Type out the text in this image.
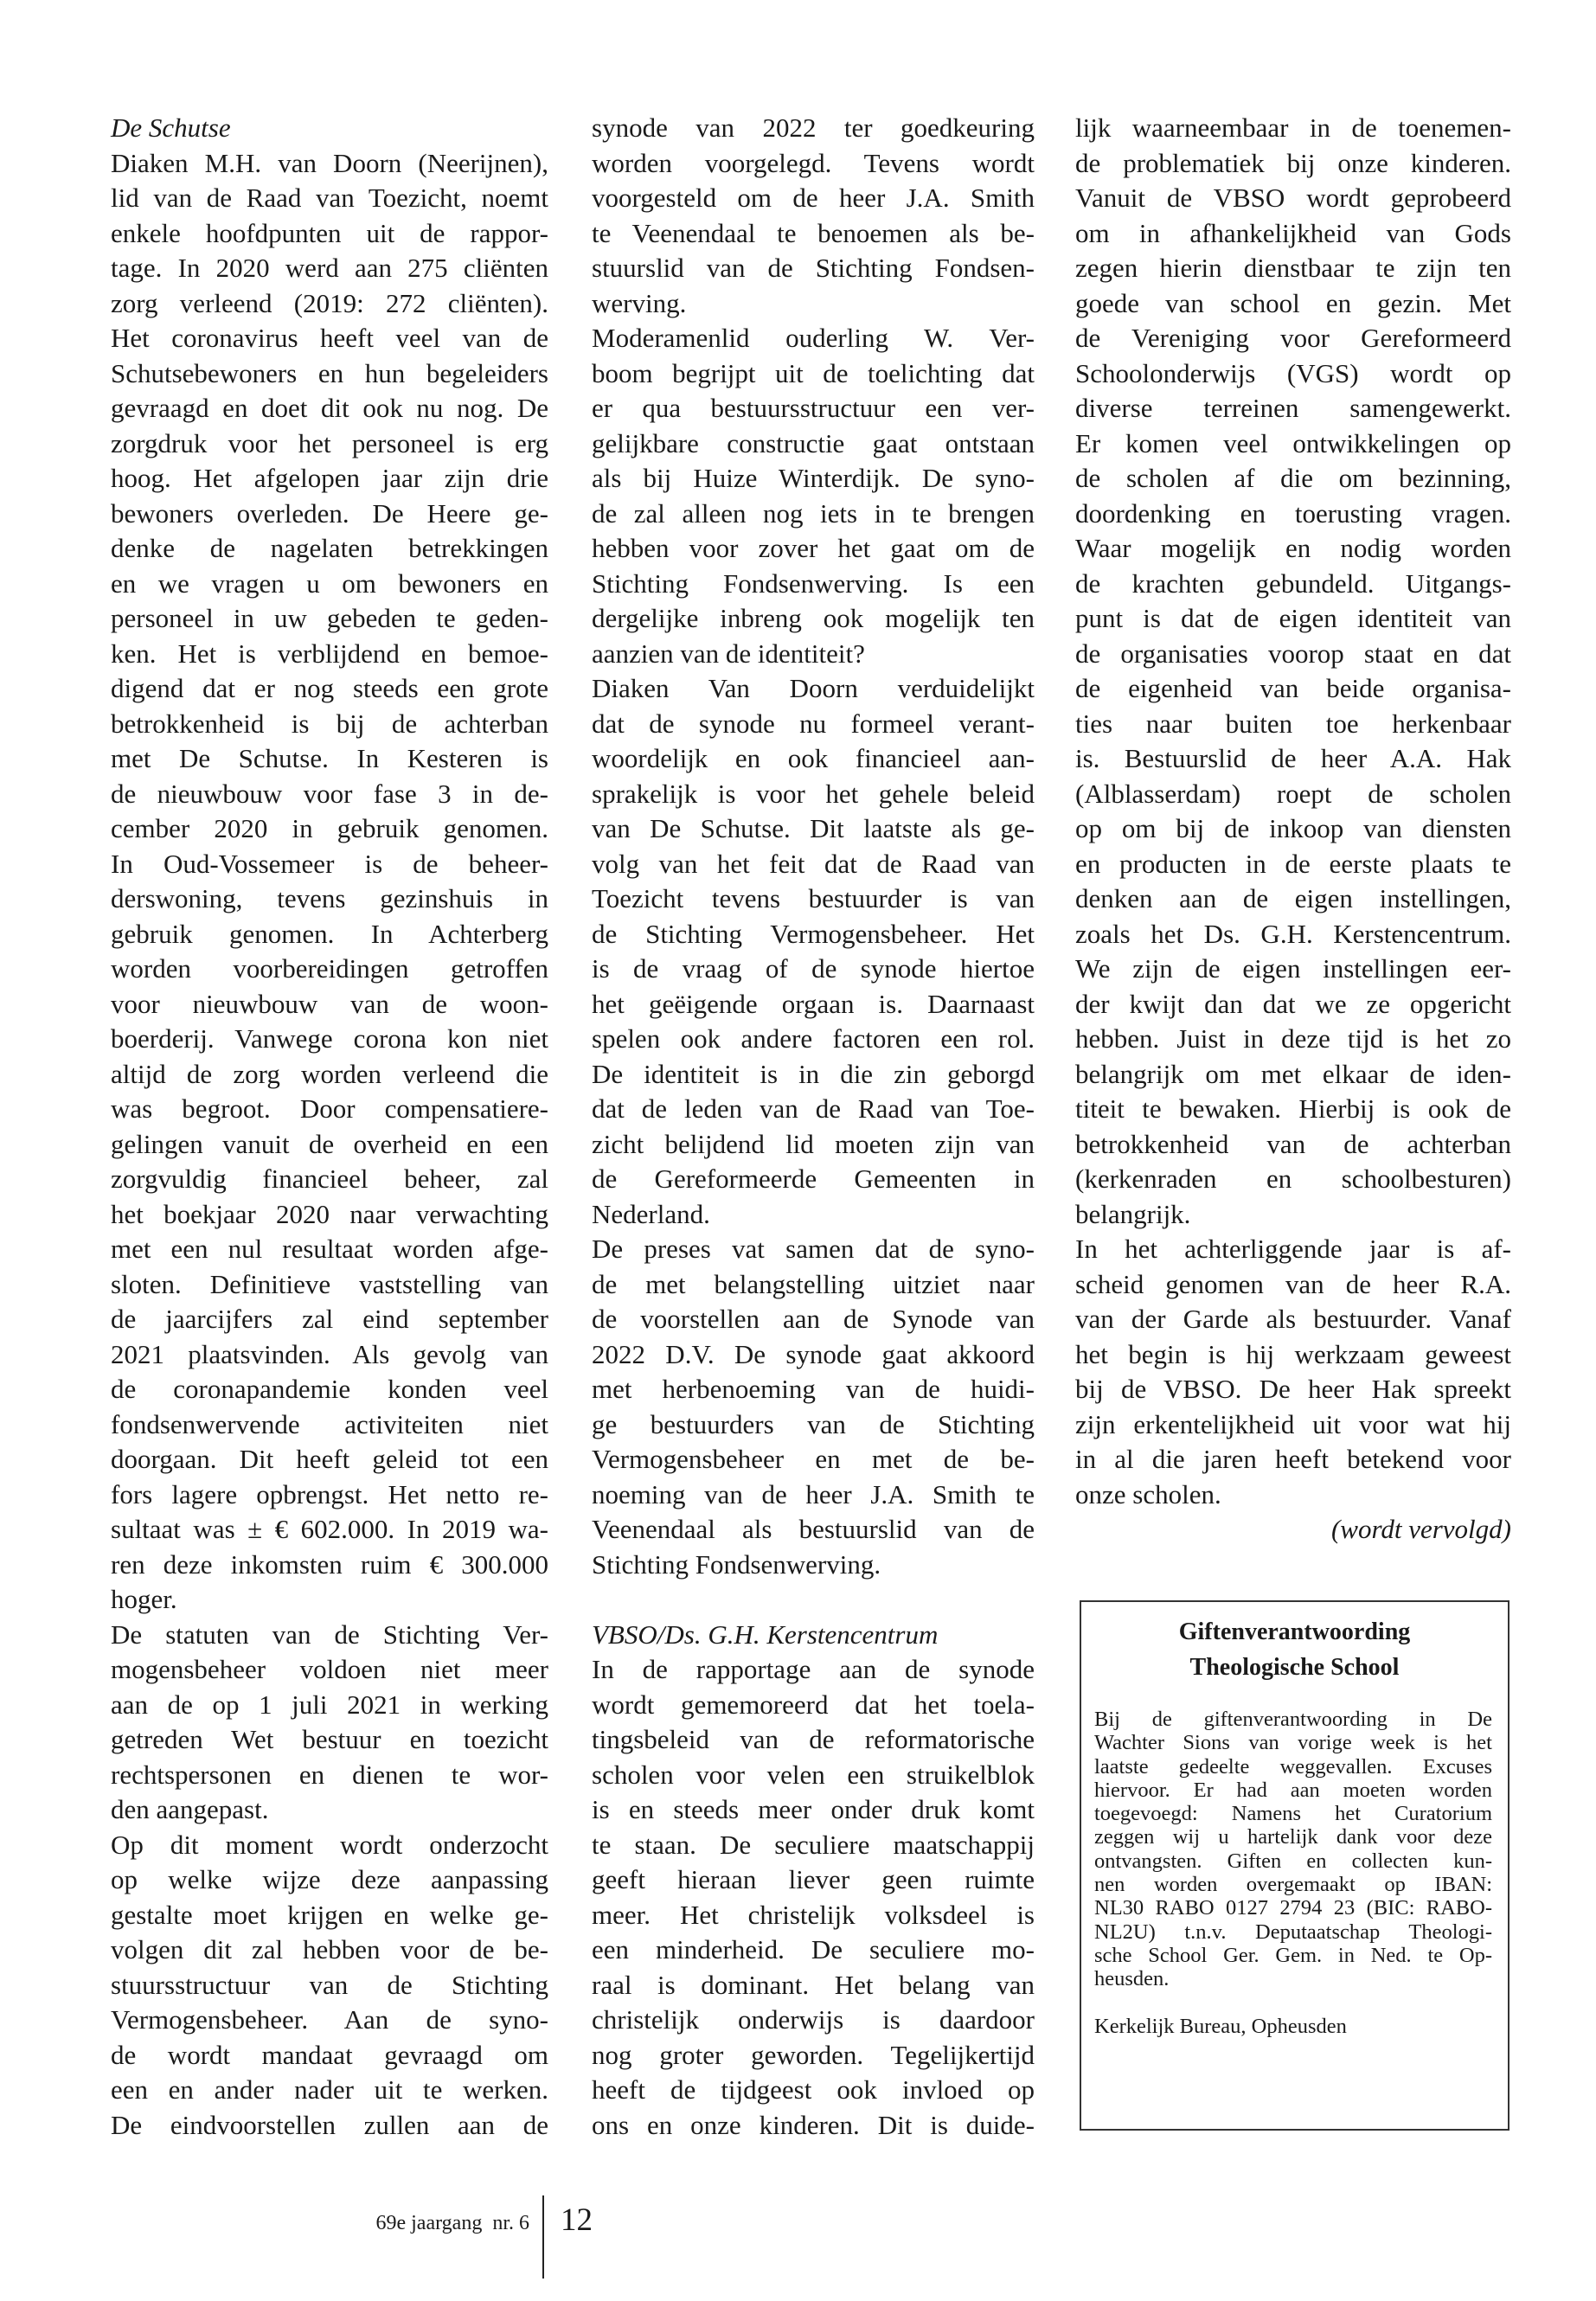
De Schutse
Diaken M.H. van Doorn (Neerijnen),
lid van de Raad van Toezicht, noemt
enkele hoofdpunten uit de rappor-
tage. In 2020 werd aan 275 cliënten
zorg verleend (2019: 272 cliënten).
Het coronavirus heeft veel van de
Schutsebewoners en hun begeleiders
gevraagd en doet dit ook nu nog. De
zorgdruk voor het personeel is erg
hoog. Het afgelopen jaar zijn drie
bewoners overleden. De Heere ge-
denke de nagelaten betrekkingen
en we vragen u om bewoners en
personeel in uw gebeden te geden-
ken. Het is verblijdend en bemoe-
digend dat er nog steeds een grote
betrokkenheid is bij de achterban
met De Schutse. In Kesteren is
de nieuwbouw voor fase 3 in de-
cember 2020 in gebruik genomen.
In Oud-Vossemeer is de beheer-
derswoning, tevens gezinshuis in
gebruik genomen. In Achterberg
worden voorbereidingen getroffen
voor nieuwbouw van de woon-
boerderij. Vanwege corona kon niet
altijd de zorg worden verleend die
was begroot. Door compensatiere-
gelingen vanuit de overheid en een
zorgvuldig financieel beheer, zal
het boekjaar 2020 naar verwachting
met een nul resultaat worden afge-
sloten. Definitieve vaststelling van
de jaarcijfers zal eind september
2021 plaatsvinden. Als gevolg van
de coronapandemie konden veel
fondsenwervende activiteiten niet
doorgaan. Dit heeft geleid tot een
fors lagere opbrengst. Het netto re-
sultaat was ± € 602.000. In 2019 wa-
ren deze inkomsten ruim € 300.000
hoger.
De statuten van de Stichting Ver-
mogensbeheer voldoen niet meer
aan de op 1 juli 2021 in werking
getreden Wet bestuur en toezicht
rechtspersonen en dienen te wor-
den aangepast.
Op dit moment wordt onderzocht
op welke wijze deze aanpassing
gestalte moet krijgen en welke ge-
volgen dit zal hebben voor de be-
stuursstructuur van de Stichting
Vermogensbeheer. Aan de syno-
de wordt mandaat gevraagd om
een en ander nader uit te werken.
De eindvoorstellen zullen aan de
synode van 2022 ter goedkeuring
worden voorgelegd. Tevens wordt
voorgesteld om de heer J.A. Smith
te Veenendaal te benoemen als be-
stuurslid van de Stichting Fondsen-
werving.
Moderamenlid ouderling W. Ver-
boom begrijpt uit de toelichting dat
er qua bestuursstructuur een ver-
gelijkbare constructie gaat ontstaan
als bij Huize Winterdijk. De syno-
de zal alleen nog iets in te brengen
hebben voor zover het gaat om de
Stichting Fondsenwerving. Is een
dergelijke inbreng ook mogelijk ten
aanzien van de identiteit?
Diaken Van Doorn verduidelijkt
dat de synode nu formeel verant-
woordelijk en ook financieel aan-
sprakelijk is voor het gehele beleid
van De Schutse. Dit laatste als ge-
volg van het feit dat de Raad van
Toezicht tevens bestuurder is van
de Stichting Vermogensbeheer. Het
is de vraag of de synode hiertoe
het geëigende orgaan is. Daarnaast
spelen ook andere factoren een rol.
De identiteit is in die zin geborgd
dat de leden van de Raad van Toe-
zicht belijdend lid moeten zijn van
de Gereformeerde Gemeenten in
Nederland.
De preses vat samen dat de syno-
de met belangstelling uitziet naar
de voorstellen aan de Synode van
2022 D.V. De synode gaat akkoord
met herbenoeming van de huidi-
ge bestuurders van de Stichting
Vermogensbeheer en met de be-
noeming van de heer J.A. Smith te
Veenendaal als bestuurslid van de
Stichting Fondsenwerving.
VBSO/Ds. G.H. Kerstencentrum
In de rapportage aan de synode
wordt gememoreerd dat het toela-
tingsbeleid van de reformatorische
scholen voor velen een struikelblok
is en steeds meer onder druk komt
te staan. De seculiere maatschappij
geeft hieraan liever geen ruimte
meer. Het christelijk volksdeel is
een minderheid. De seculiere mo-
raal is dominant. Het belang van
christelijk onderwijs is daardoor
nog groter geworden. Tegelijkertijd
heeft de tijdgeest ook invloed op
ons en onze kinderen. Dit is duide-
lijk waarneembaar in de toenemen-
de problematiek bij onze kinderen.
Vanuit de VBSO wordt geprobeerd
om in afhankelijkheid van Gods
zegen hierin dienstbaar te zijn ten
goede van school en gezin. Met
de Vereniging voor Gereformeerd
Schoolonderwijs (VGS) wordt op
diverse terreinen samengewerkt.
Er komen veel ontwikkelingen op
de scholen af die om bezinning,
doordenking en toerusting vragen.
Waar mogelijk en nodig worden
de krachten gebundeld. Uitgangs-
punt is dat de eigen identiteit van
de organisaties voorop staat en dat
de eigenheid van beide organisa-
ties naar buiten toe herkenbaar
is. Bestuurslid de heer A.A. Hak
(Alblasserdam) roept de scholen
op om bij de inkoop van diensten
en producten in de eerste plaats te
denken aan de eigen instellingen,
zoals het Ds. G.H. Kerstencentrum.
We zijn de eigen instellingen eer-
der kwijt dan dat we ze opgericht
hebben. Juist in deze tijd is het zo
belangrijk om met elkaar de iden-
titeit te bewaken. Hierbij is ook de
betrokkenheid van de achterban
(kerkenraden en schoolbesturen)
belangrijk.
In het achterliggende jaar is af-
scheid genomen van de heer R.A.
van der Garde als bestuurder. Vanaf
het begin is hij werkzaam geweest
bij de VBSO. De heer Hak spreekt
zijn erkentelijkheid uit voor wat hij
in al die jaren heeft betekend voor
onze scholen.
(wordt vervolgd)
Giftenverantwoording
Theologische School
Bij de giftenverantwoording in De
Wachter Sions van vorige week is het
laatste gedeelte weggevallen. Excuses
hiervoor. Er had aan moeten worden
toegevoegd: Namens het Curatorium
zeggen wij u hartelijk dank voor deze
ontvangsten. Giften en collecten kun-
nen worden overgemaakt op IBAN:
NL30 RABO 0127 2794 23 (BIC: RABO-
NL2U) t.n.v. Deputaatschap Theologi-
sche School Ger. Gem. in Ned. te Op-
heusden.
Kerkelijk Bureau, Opheusden
69e jaargang  nr. 6 12
